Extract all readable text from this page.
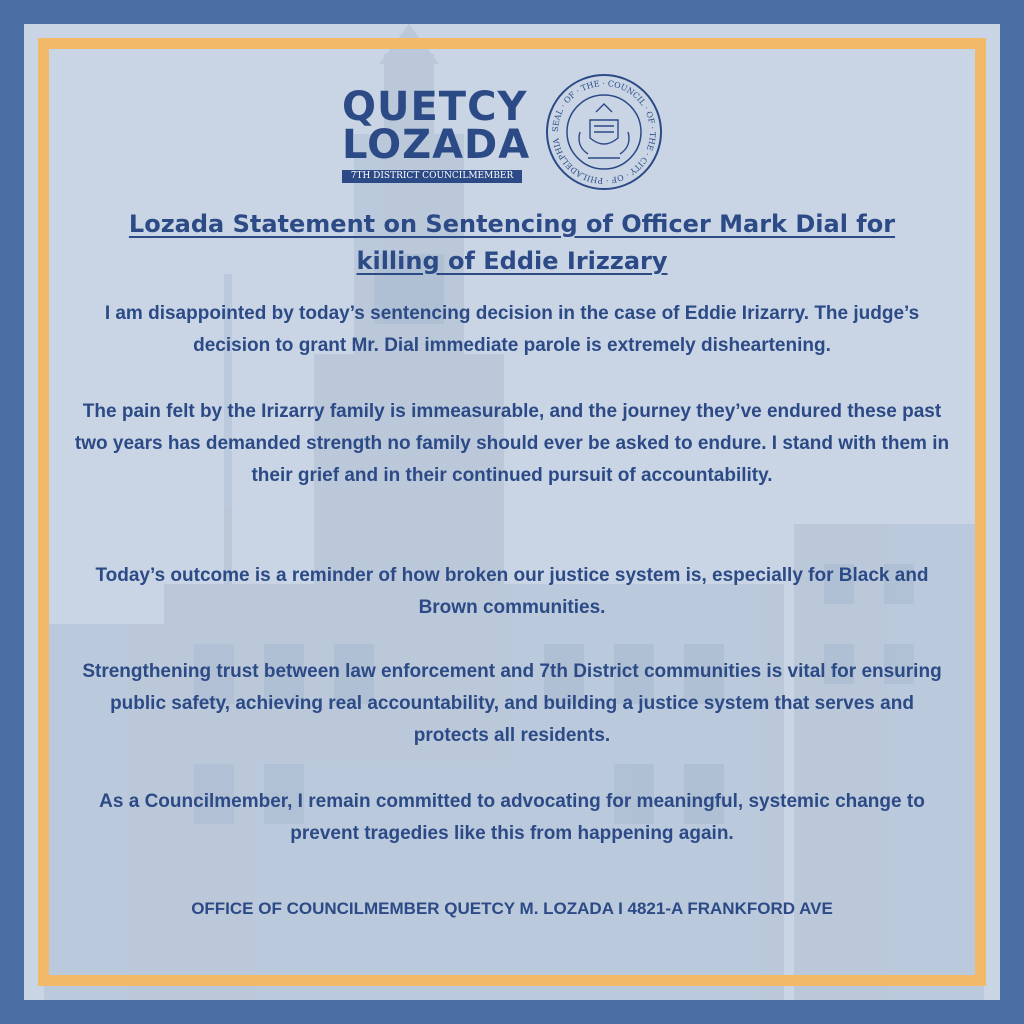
QUETCY
LOZADA
7TH DISTRICT COUNCILMEMBER
SEAL · OF · THE · COUNCIL · OF · THE · CITY · OF · PHILADELPHIA
Lozada Statement on Sentencing of Officer Mark Dial for killing of Eddie Irizzary
I am disappointed by today’s sentencing decision in the case of Eddie Irizarry. The judge’s decision to grant Mr. Dial immediate parole is extremely disheartening.
The pain felt by the Irizarry family is immeasurable, and the journey they’ve endured these past two years has demanded strength no family should ever be asked to endure. I stand with them in their grief and in their continued pursuit of accountability.
Today’s outcome is a reminder of how broken our justice system is, especially for Black and Brown communities.
Strengthening trust between law enforcement and 7th District communities is vital for ensuring public safety, achieving real accountability, and building a justice system that serves and protects all residents.
As a Councilmember, I remain committed to advocating for meaningful, systemic change to prevent tragedies like this from happening again.
OFFICE OF COUNCILMEMBER QUETCY M. LOZADA I 4821-A FRANKFORD AVE
